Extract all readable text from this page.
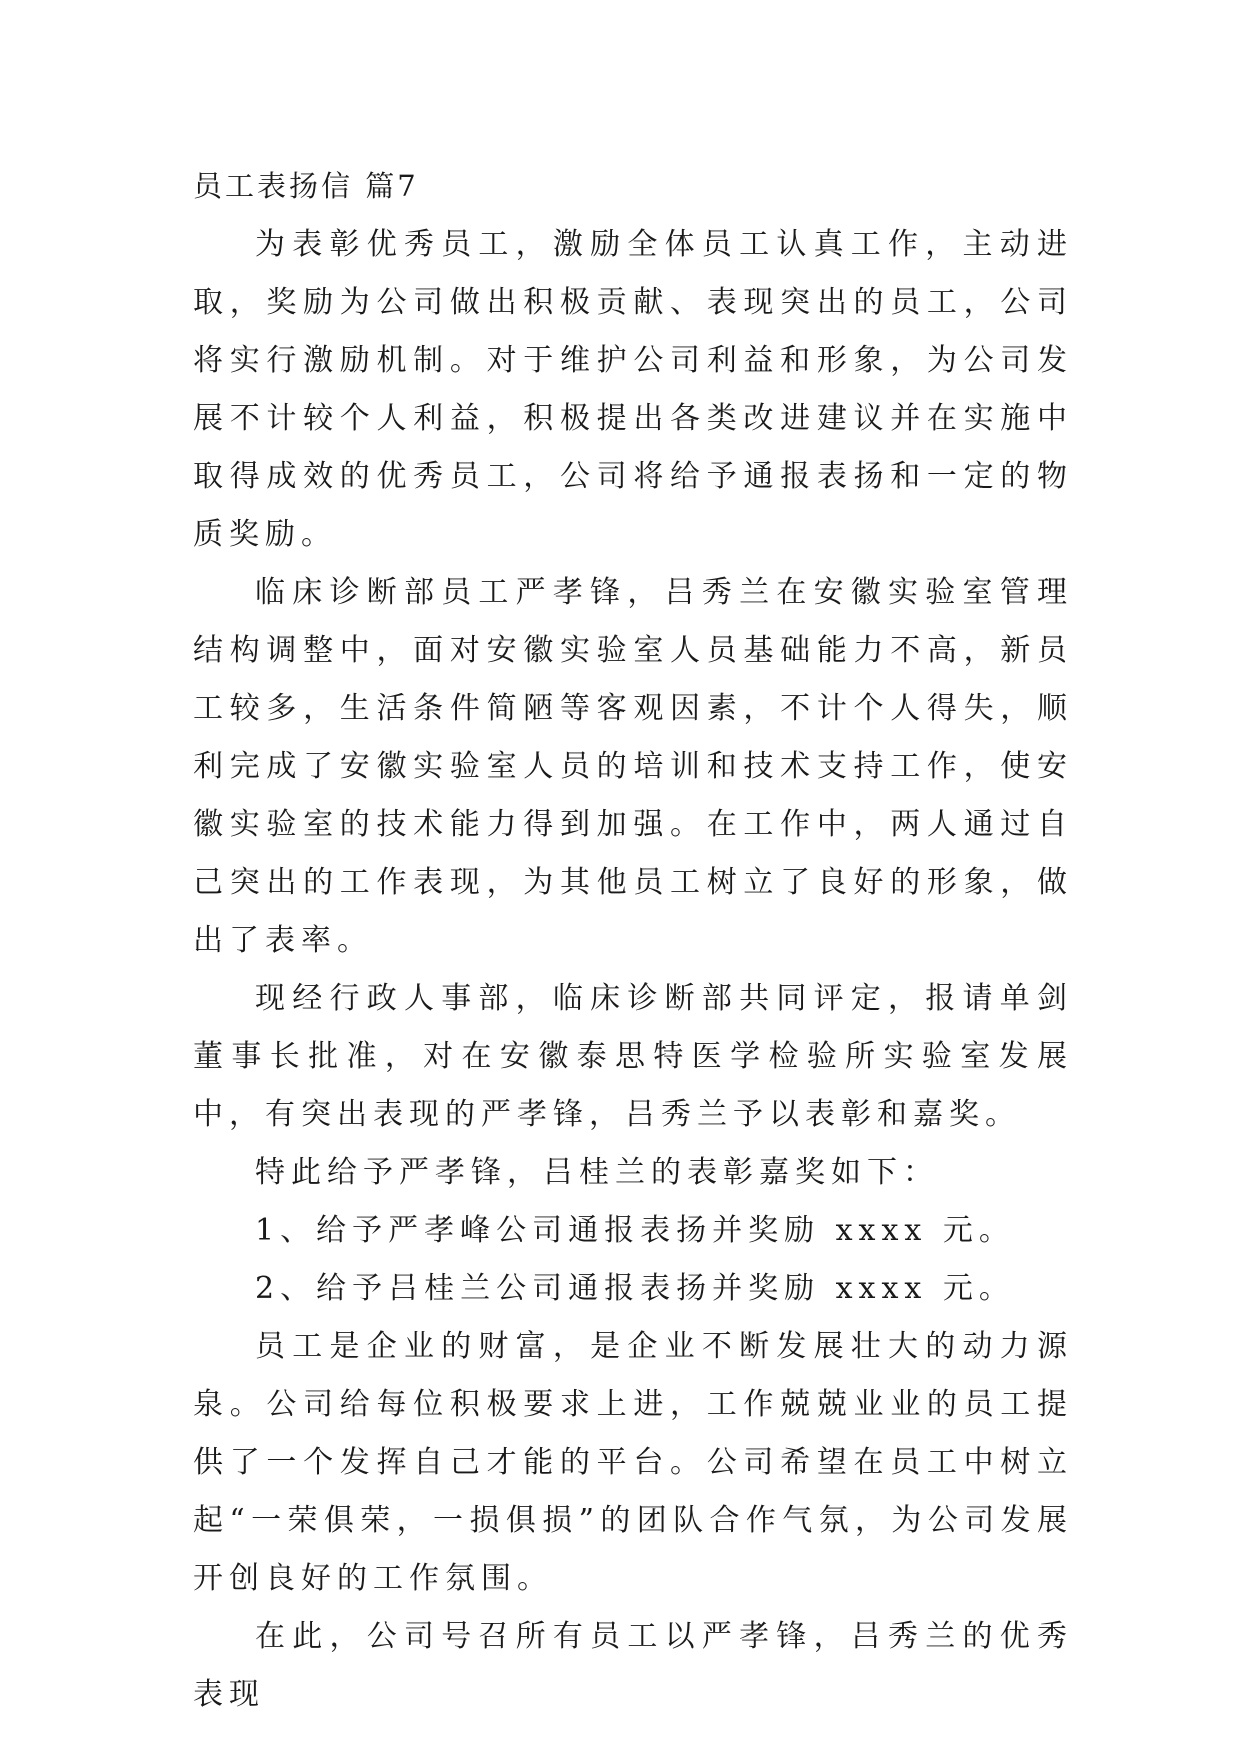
员工表扬信 篇7

为表彰优秀员工，激励全体员工认真工作，主动进取，奖励为公司做出积极贡献、表现突出的员工，公司将实行激励机制。对于维护公司利益和形象，为公司发展不计较个人利益，积极提出各类改进建议并在实施中取得成效的优秀员工，公司将给予通报表扬和一定的物质奖励。

临床诊断部员工严孝锋，吕秀兰在安徽实验室管理结构调整中，面对安徽实验室人员基础能力不高，新员工较多，生活条件简陋等客观因素，不计个人得失，顺利完成了安徽实验室人员的培训和技术支持工作，使安徽实验室的技术能力得到加强。在工作中，两人通过自己突出的工作表现，为其他员工树立了良好的形象，做出了表率。

现经行政人事部，临床诊断部共同评定，报请单剑董事长批准，对在安徽泰思特医学检验所实验室发展中，有突出表现的严孝锋，吕秀兰予以表彰和嘉奖。

特此给予严孝锋，吕桂兰的表彰嘉奖如下：

1、给予严孝峰公司通报表扬并奖励 xxxx 元。

2、给予吕桂兰公司通报表扬并奖励 xxxx 元。

员工是企业的财富，是企业不断发展壮大的动力源泉。公司给每位积极要求上进，工作兢兢业业的员工提供了一个发挥自己才能的平台。公司希望在员工中树立起“一荣俱荣，一损俱损”的团队合作气氛，为公司发展开创良好的工作氛围。

在此，公司号召所有员工以严孝锋，吕秀兰的优秀表现
